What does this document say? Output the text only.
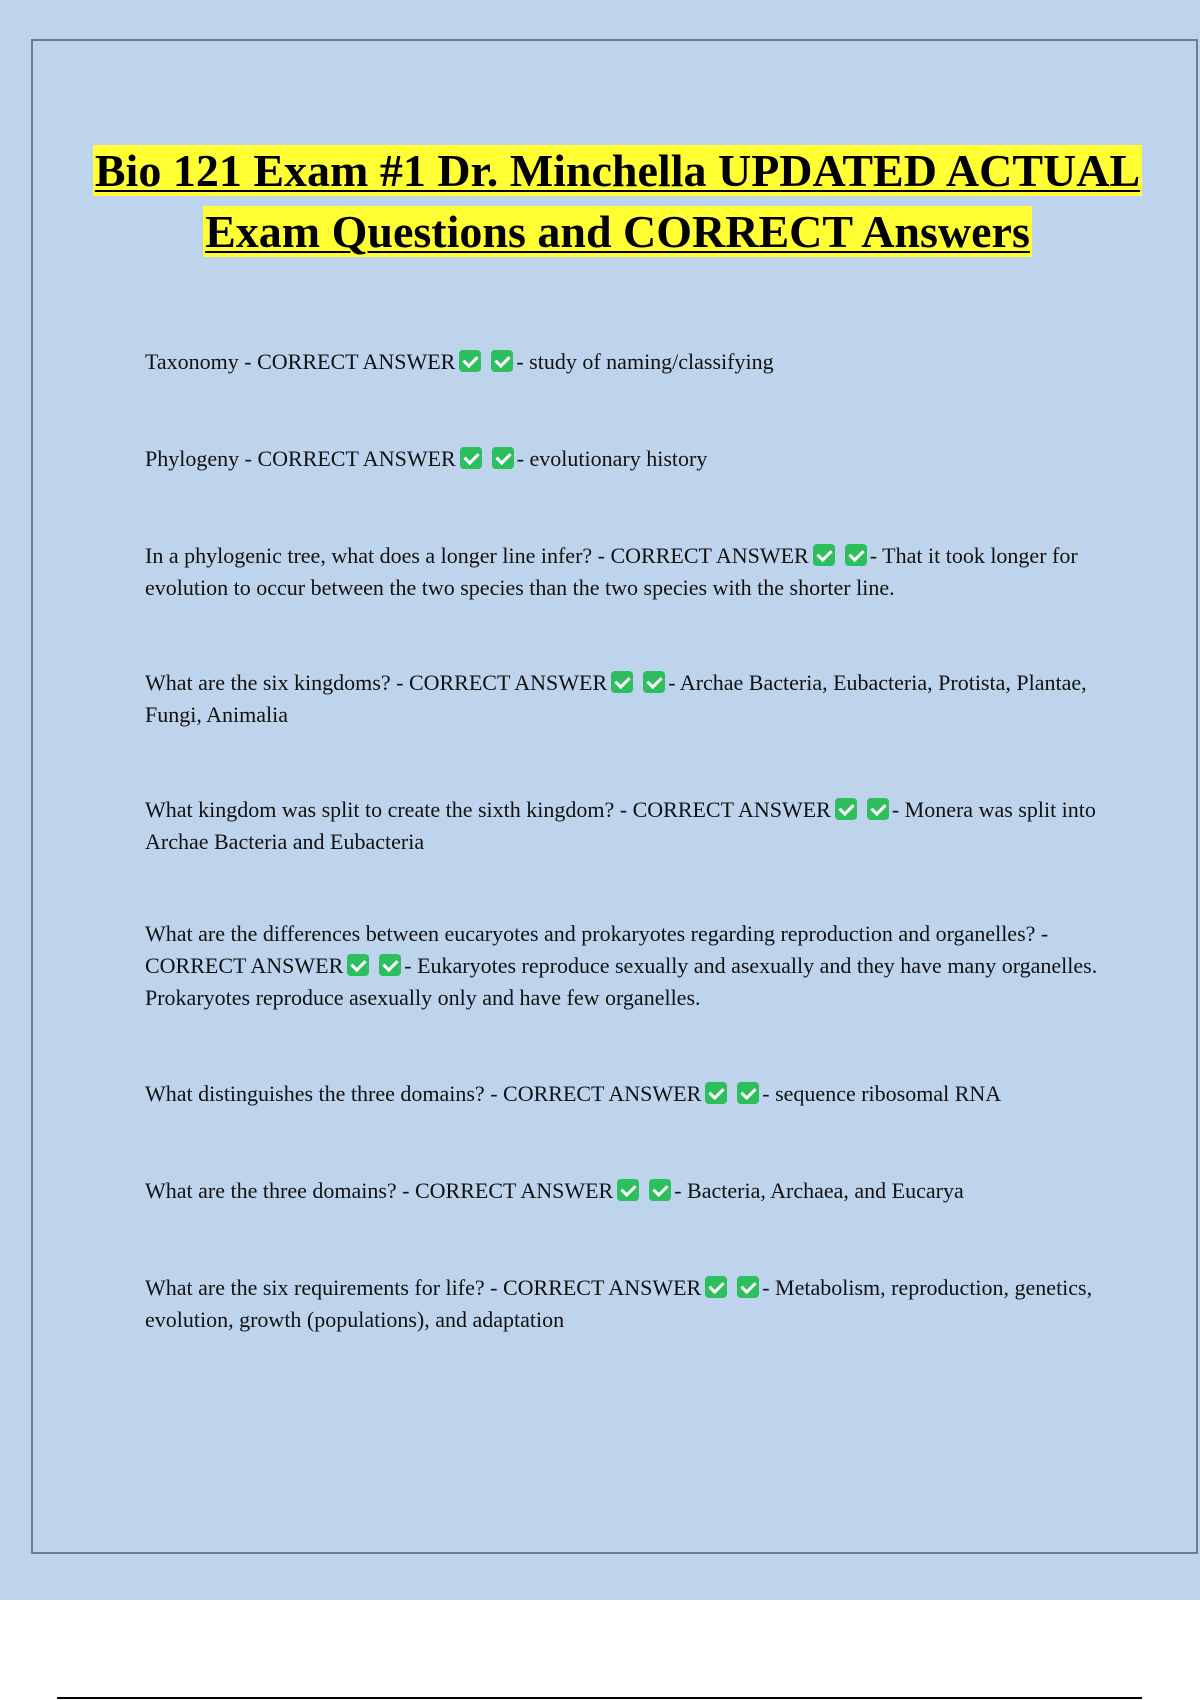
Bio 121 Exam #1 Dr. Minchella UPDATED ACTUAL Exam Questions and CORRECT Answers
Taxonomy - CORRECT ANSWER	- study of naming/classifying
Phylogeny - CORRECT ANSWER	- evolutionary history
In a phylogenic tree, what does a longer line infer? - CORRECT ANSWER	- That it took longer for evolution to occur between the two species than the two species with the shorter line.
What are the six kingdoms? - CORRECT ANSWER	- Archae Bacteria, Eubacteria, Protista, Plantae, Fungi, Animalia
What kingdom was split to create the sixth kingdom? - CORRECT ANSWER	- Monera was split into Archae Bacteria and Eubacteria
What are the differences between eucaryotes and prokaryotes regarding reproduction and organelles? - CORRECT ANSWER	- Eukaryotes reproduce sexually and asexually and they have many organelles. Prokaryotes reproduce asexually only and have few organelles.
What distinguishes the three domains? - CORRECT ANSWER	- sequence ribosomal RNA
What are the three domains? - CORRECT ANSWER	- Bacteria, Archaea, and Eucarya
What are the six requirements for life? - CORRECT ANSWER	- Metabolism, reproduction, genetics, evolution, growth (populations), and adaptation
